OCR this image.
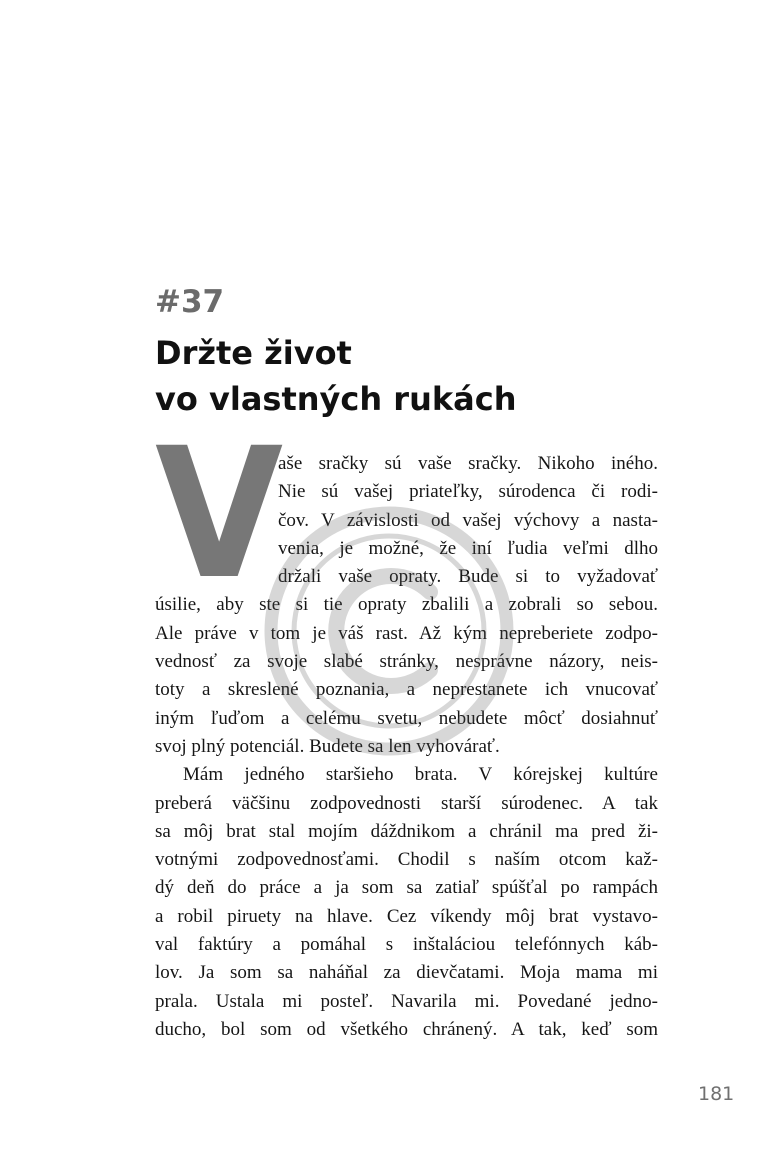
#37
Držte život
vo vlastných rukách
V
aše sračky sú vaše sračky. Nikoho iného.
Nie sú vašej priateľky, súrodenca či rodi-
čov. V závislosti od vašej výchovy a nasta-
venia, je možné, že iní ľudia veľmi dlho
držali vaše opraty. Bude si to vyžadovať
úsilie, aby ste si tie opraty zbalili a zobrali so sebou.
Ale práve v tom je váš rast. Až kým nepreberiete zodpo-
vednosť za svoje slabé stránky, nesprávne názory, neis-
toty a skreslené poznania, a neprestanete ich vnucovať
iným ľuďom a celému svetu, nebudete môcť dosiahnuť
svoj plný potenciál. Budete sa len vyhovárať.
Mám jedného staršieho brata. V kórejskej kultúre
preberá väčšinu zodpovednosti starší súrodenec. A tak
sa môj brat stal mojím dáždnikom a chránil ma pred ži-
votnými zodpovednosťami. Chodil s naším otcom kaž-
dý deň do práce a ja som sa zatiaľ spúšťal po rampách
a robil piruety na hlave. Cez víkendy môj brat vystavo-
val faktúry a pomáhal s inštaláciou telefónnych káb-
lov. Ja som sa naháňal za dievčatami. Moja mama mi
prala. Ustala mi posteľ. Navarila mi. Povedané jedno-
ducho, bol som od všetkého chránený. A tak, keď som
181
